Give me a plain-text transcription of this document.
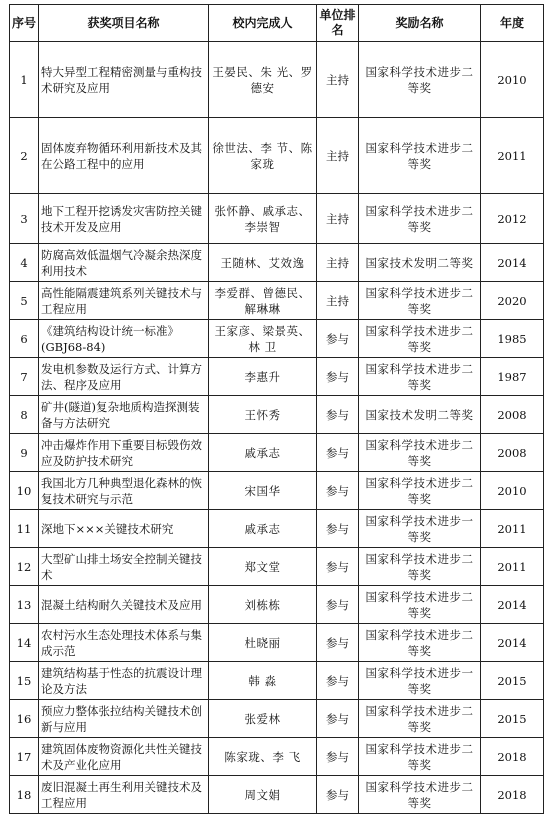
序号	获奖项目名称	校内完成人	单位排名	奖励名称	年度
1	特大异型工程精密测量与重构技术研究及应用	王晏民、朱 光、罗德安	主持	国家科学技术进步二等奖	2010
2	固体废弃物循环利用新技术及其在公路工程中的应用	徐世法、李 节、陈家珑	主持	国家科学技术进步二等奖	2011
3	地下工程开挖诱发灾害防控关键技术开发及应用	张怀静、戚承志、李崇智	主持	国家科学技术进步二等奖	2012
4	防腐高效低温烟气冷凝余热深度利用技术	王随林、艾效逸	主持	国家技术发明二等奖	2014
5	高性能隔震建筑系列关键技术与工程应用	李爱群、曾德民、解琳琳	主持	国家科学技术进步二等奖	2020
6	《建筑结构设计统一标准》(GBJ68-84)	王家彦、梁景英、林 卫	参与	国家科学技术进步二等奖	1985
7	发电机参数及运行方式、计算方法、程序及应用	李惠升	参与	国家科学技术进步二等奖	1987
8	矿井(隧道)复杂地质构造探测装备与方法研究	王怀秀	参与	国家技术发明二等奖	2008
9	冲击爆炸作用下重要目标毁伤效应及防护技术研究	戚承志	参与	国家科学技术进步二等奖	2008
10	我国北方几种典型退化森林的恢复技术研究与示范	宋国华	参与	国家科学技术进步二等奖	2010
11	深地下×××关键技术研究	戚承志	参与	国家科学技术进步一等奖	2011
12	大型矿山排土场安全控制关键技术	郑文堂	参与	国家科学技术进步二等奖	2011
13	混凝土结构耐久关键技术及应用	刘栋栋	参与	国家科学技术进步二等奖	2014
14	农村污水生态处理技术体系与集成示范	杜晓丽	参与	国家科学技术进步二等奖	2014
15	建筑结构基于性态的抗震设计理论及方法	韩 淼	参与	国家科学技术进步一等奖	2015
16	预应力整体张拉结构关键技术创新与应用	张爱林	参与	国家科学技术进步二等奖	2015
17	建筑固体废物资源化共性关键技术及产业化应用	陈家珑、李 飞	参与	国家科学技术进步二等奖	2018
18	废旧混凝土再生利用关键技术及工程应用	周文娟	参与	国家科学技术进步二等奖	2018
